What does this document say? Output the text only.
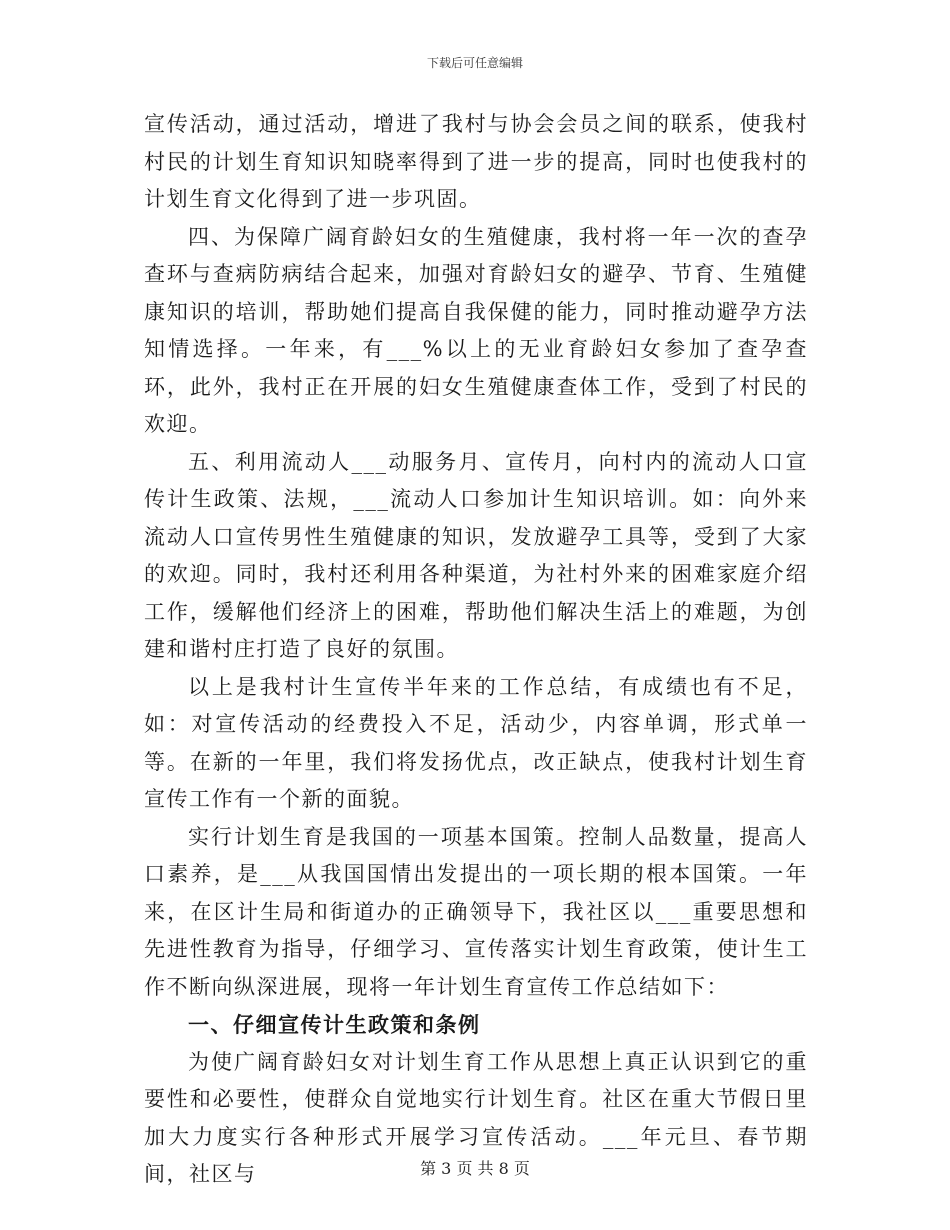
下载后可任意编辑

宣传活动，通过活动，增进了我村与协会会员之间的联系，使我村村民的计划生育知识知晓率得到了进一步的提高，同时也使我村的计划生育文化得到了进一步巩固。

四、为保障广阔育龄妇女的生殖健康，我村将一年一次的查孕查环与查病防病结合起来，加强对育龄妇女的避孕、节育、生殖健康知识的培训，帮助她们提高自我保健的能力，同时推动避孕方法知情选择。一年来，有___%以上的无业育龄妇女参加了查孕查环，此外，我村正在开展的妇女生殖健康查体工作，受到了村民的欢迎。

五、利用流动人___动服务月、宣传月，向村内的流动人口宣传计生政策、法规，___流动人口参加计生知识培训。如：向外来流动人口宣传男性生殖健康的知识，发放避孕工具等，受到了大家的欢迎。同时，我村还利用各种渠道，为社村外来的困难家庭介绍工作，缓解他们经济上的困难，帮助他们解决生活上的难题，为创建和谐村庄打造了良好的氛围。

以上是我村计生宣传半年来的工作总结，有成绩也有不足，如：对宣传活动的经费投入不足，活动少，内容单调，形式单一等。在新的一年里，我们将发扬优点，改正缺点，使我村计划生育宣传工作有一个新的面貌。

实行计划生育是我国的一项基本国策。控制人品数量，提高人口素养，是___从我国国情出发提出的一项长期的根本国策。一年来，在区计生局和街道办的正确领导下，我社区以___重要思想和先进性教育为指导，仔细学习、宣传落实计划生育政策，使计生工作不断向纵深进展，现将一年计划生育宣传工作总结如下：

一、仔细宣传计生政策和条例

为使广阔育龄妇女对计划生育工作从思想上真正认识到它的重要性和必要性，使群众自觉地实行计划生育。社区在重大节假日里加大力度实行各种形式开展学习宣传活动。___年元旦、春节期间，社区与	第 3 页 共 8 页
